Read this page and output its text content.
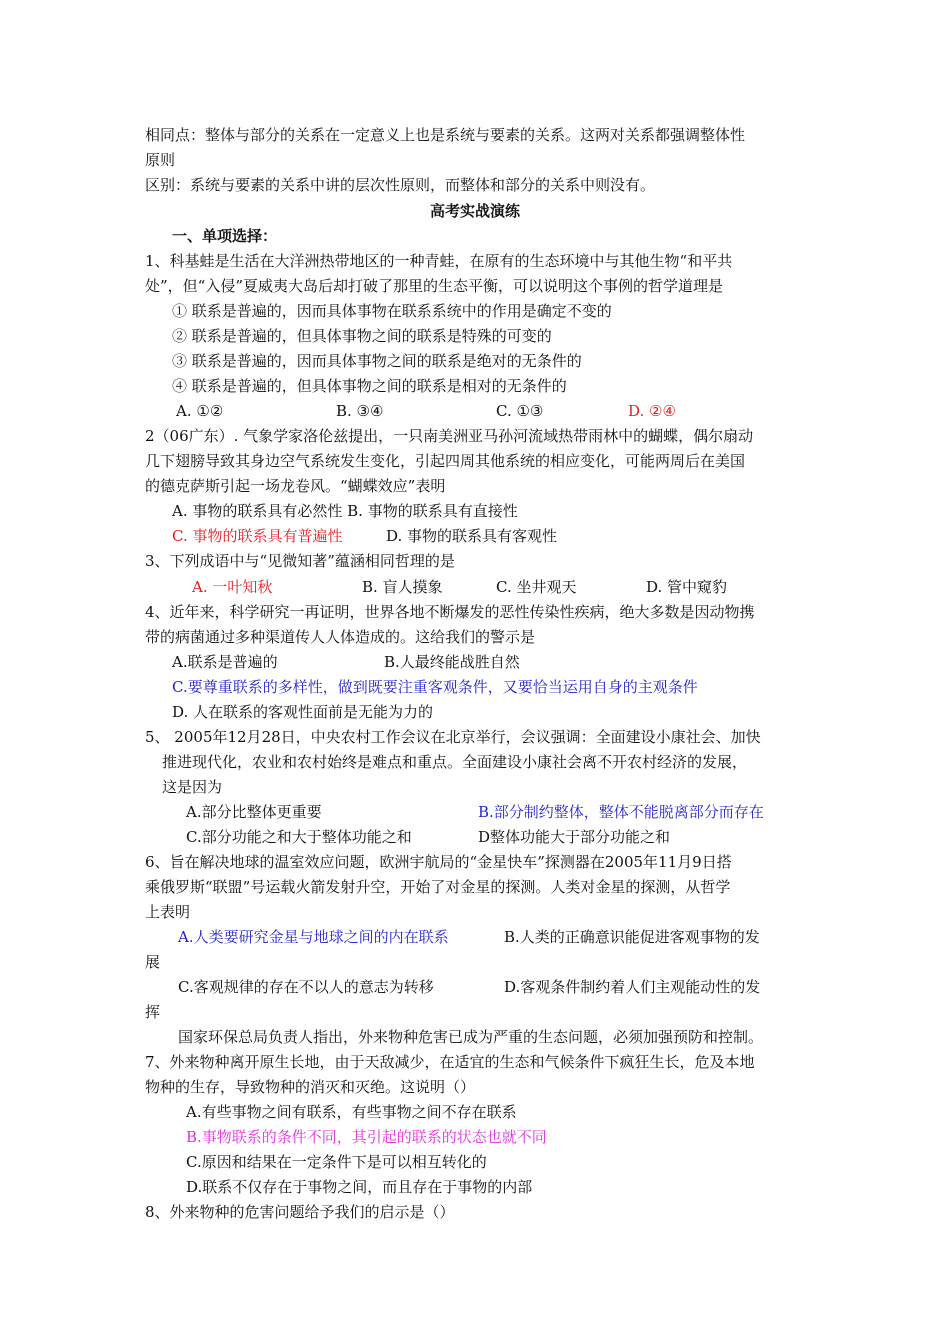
相同点：整体与部分的关系在一定意义上也是系统与要素的关系。这两对关系都强调整体性
原则
区别：系统与要素的关系中讲的层次性原则，而整体和部分的关系中则没有。
高考实战演练
一、单项选择：
1、科基蛙是生活在大洋洲热带地区的一种青蛙，在原有的生态环境中与其他生物“和平共
处”，但“入侵”夏威夷大岛后却打破了那里的生态平衡，可以说明这个事例的哲学道理是
① 联系是普遍的，因而具体事物在联系系统中的作用是确定不变的
② 联系是普遍的，但具体事物之间的联系是特殊的可变的
③ 联系是普遍的，因而具体事物之间的联系是绝对的无条件的
④ 联系是普遍的，但具体事物之间的联系是相对的无条件的
A. ①②	B. ③④	C. ①③	D. ②④
2（06广东）. 气象学家洛伦兹提出，一只南美洲亚马孙河流域热带雨林中的蝴蝶，偶尔扇动
几下翅膀导致其身边空气系统发生变化，引起四周其他系统的相应变化，可能两周后在美国
的德克萨斯引起一场龙卷风。“蝴蝶效应”表明
A. 事物的联系具有必然性 B. 事物的联系具有直接性
C. 事物的联系具有普遍性	D. 事物的联系具有客观性
3、下列成语中与“见微知著”蕴涵相同哲理的是
A. 一叶知秋	B. 盲人摸象	C. 坐井观天	D. 管中窥豹
4、近年来，科学研究一再证明，世界各地不断爆发的恶性传染性疾病，绝大多数是因动物携
带的病菌通过多种渠道传人人体造成的。这给我们的警示是
A.联系是普遍的	B.人最终能战胜自然
C.要尊重联系的多样性，做到既要注重客观条件，又要恰当运用自身的主观条件
D. 人在联系的客观性面前是无能为力的
5、 2005年12月28日，中央农村工作会议在北京举行，会议强调：全面建设小康社会、加快
推进现代化，农业和农村始终是难点和重点。全面建设小康社会离不开农村经济的发展，
这是因为
A.部分比整体更重要	B.部分制约整体，整体不能脱离部分而存在
C.部分功能之和大于整体功能之和	D整体功能大于部分功能之和
6、旨在解决地球的温室效应问题，欧洲宇航局的“金星快车”探测器在2005年11月9日搭
乘俄罗斯“联盟”号运载火箭发射升空，开始了对金星的探测。人类对金星的探测，从哲学
上表明
A.人类要研究金星与地球之间的内在联系	B.人类的正确意识能促进客观事物的发
展
C.客观规律的存在不以人的意志为转移	D.客观条件制约着人们主观能动性的发
挥
国家环保总局负责人指出，外来物种危害已成为严重的生态问题，必须加强预防和控制。
7、外来物种离开原生长地，由于天敌减少，在适宜的生态和气候条件下疯狂生长，危及本地
物种的生存，导致物种的消灭和灭绝。这说明（）
A.有些事物之间有联系，有些事物之间不存在联系
B.事物联系的条件不同，其引起的联系的状态也就不同
C.原因和结果在一定条件下是可以相互转化的
D.联系不仅存在于事物之间，而且存在于事物的内部
8、外来物种的危害问题给予我们的启示是（）
